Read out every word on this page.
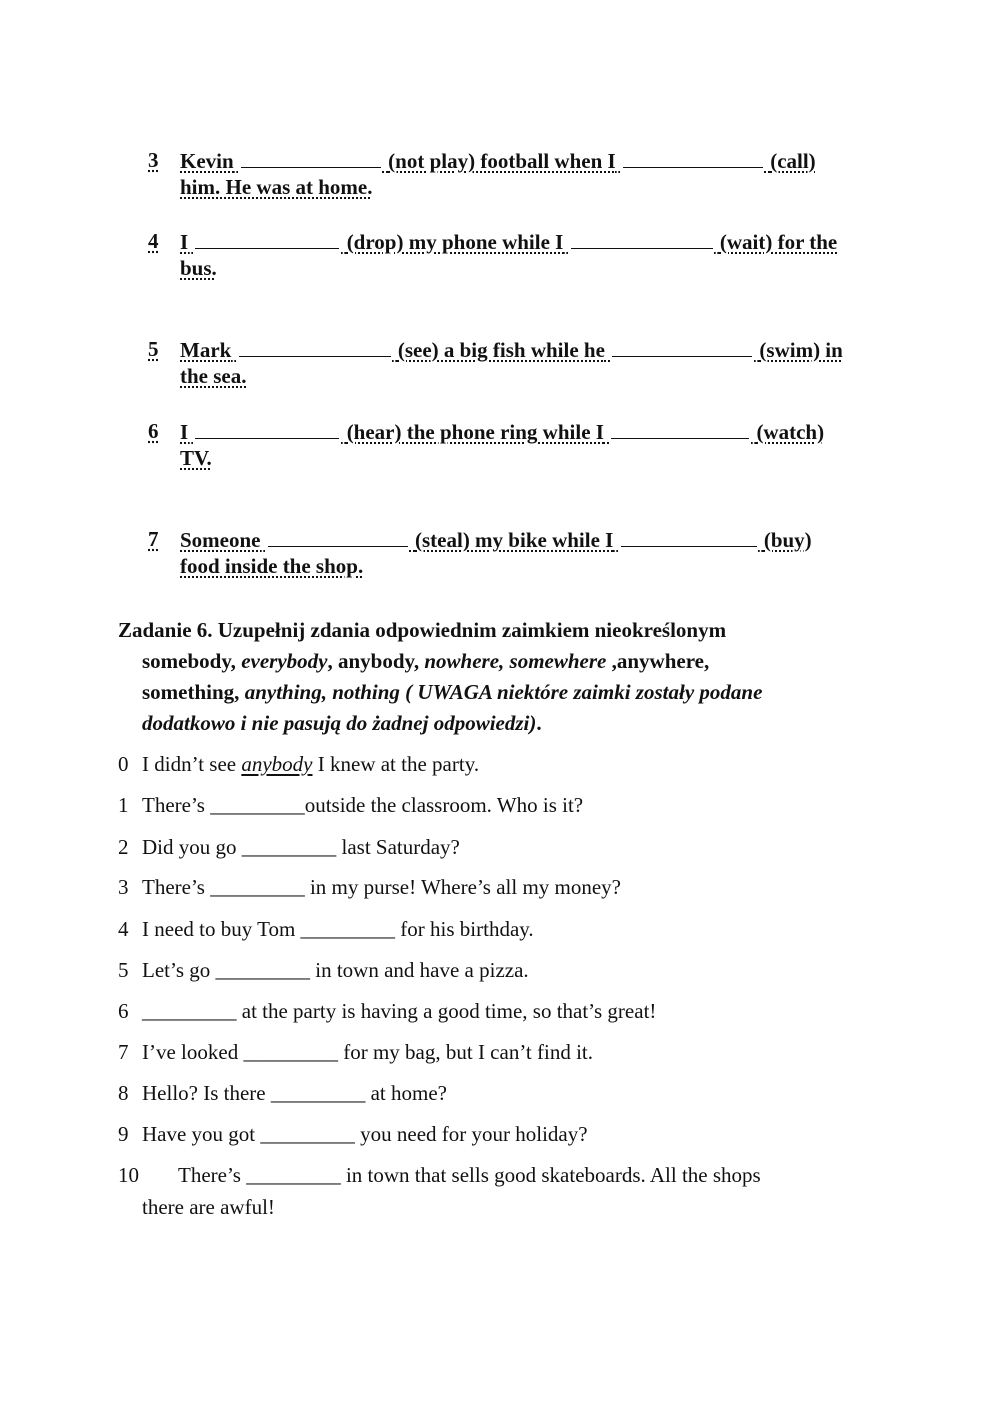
3 Kevin	(not play) football when I	(call)
him. He was at home.
4 I	(drop) my phone while I	(wait) for the
bus.
5 Mark	(see) a big fish while he	(swim) in
the sea.
6 I	(hear) the phone ring while I	(watch)
TV.
7 Someone	(steal) my bike while I	(buy)
food inside the shop.
Zadanie 6. Uzupełnij zdania odpowiednim zaimkiem nieokreślonym
somebody, everybody, anybody, nowhere, somewhere ,anywhere,
something, anything, nothing ( UWAGA niektóre zaimki zostały podane
dodatkowo i nie pasują do żadnej odpowiedzi).
0 I didn’t see anybody I knew at the party.
1 There’s _________outside the classroom. Who is it?
2 Did you go _________ last Saturday?
3 There’s _________ in my purse! Where’s all my money?
4 I need to buy Tom _________ for his birthday.
5 Let’s go _________ in town and have a pizza.
6 _________ at the party is having a good time, so that’s great!
7 I’ve looked _________ for my bag, but I can’t find it.
8 Hello? Is there _________ at home?
9 Have you got _________ you need for your holiday?
10 There’s _________ in town that sells good skateboards. All the shops
there are awful!
